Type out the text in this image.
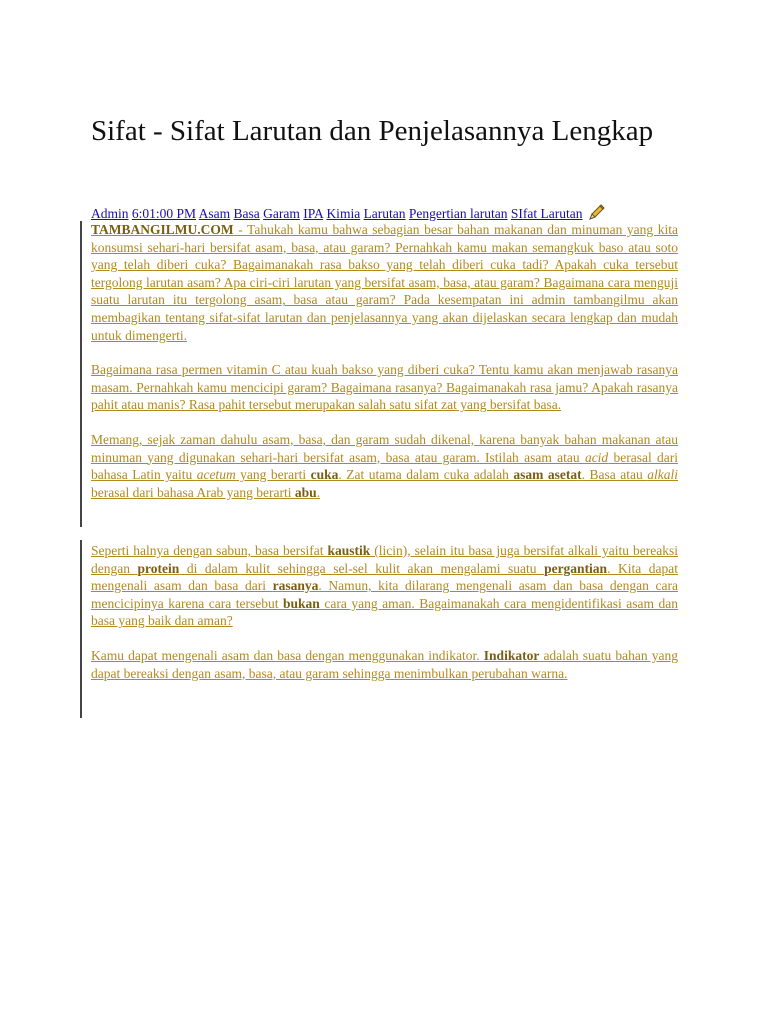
Sifat - Sifat Larutan dan Penjelasannya Lengkap
Admin 6:01:00 PM Asam Basa Garam IPA Kimia Larutan Pengertian larutan SIfat Larutan

TAMBANGILMU.COM - Tahukah kamu bahwa sebagian besar bahan makanan dan minuman yang kita konsumsi sehari-hari bersifat asam, basa, atau garam? Pernahkah kamu makan semangkuk baso atau soto yang telah diberi cuka? Bagaimanakah rasa bakso yang telah diberi cuka tadi? Apakah cuka tersebut tergolong larutan asam? Apa ciri-ciri larutan yang bersifat asam, basa, atau garam? Bagaimana cara menguji suatu larutan itu tergolong asam, basa atau garam? Pada kesempatan ini admin tambangilmu akan membagikan tentang sifat-sifat larutan dan penjelasannya yang akan dijelaskan secara lengkap dan mudah untuk dimengerti.

Bagaimana rasa permen vitamin C atau kuah bakso yang diberi cuka? Tentu kamu akan menjawab rasanya masam. Pernahkah kamu mencicipi garam? Bagaimana rasanya? Bagaimanakah rasa jamu? Apakah rasanya pahit atau manis? Rasa pahit tersebut merupakan salah satu sifat zat yang bersifat basa.

Memang, sejak zaman dahulu asam, basa, dan garam sudah dikenal, karena banyak bahan makanan atau minuman yang digunakan sehari-hari bersifat asam, basa atau garam. Istilah asam atau acid berasal dari bahasa Latin yaitu acetum yang berarti cuka. Zat utama dalam cuka adalah asam asetat. Basa atau alkali berasal dari bahasa Arab yang berarti abu.

Seperti halnya dengan sabun, basa bersifat kaustik (licin), selain itu basa juga bersifat alkali yaitu bereaksi dengan protein di dalam kulit sehingga sel-sel kulit akan mengalami suatu pergantian. Kita dapat mengenali asam dan basa dari rasanya. Namun, kita dilarang mengenali asam dan basa dengan cara mencicipinya karena cara tersebut bukan cara yang aman. Bagaimanakah cara mengidentifikasi asam dan basa yang baik dan aman?

Kamu dapat mengenali asam dan basa dengan menggunakan indikator. Indikator adalah suatu bahan yang dapat bereaksi dengan asam, basa, atau garam sehingga menimbulkan perubahan warna.
